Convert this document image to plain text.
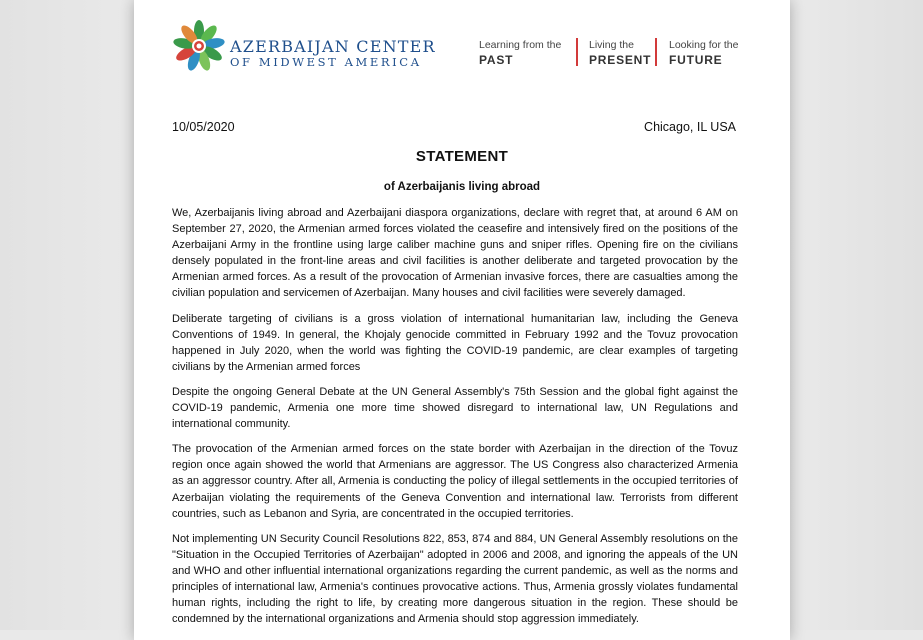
AZERBAIJAN CENTER
OF MIDWEST AMERICA
Learning from the
PAST
Living the
PRESENT
Looking for the
FUTURE
10/05/2020	Chicago, IL USA
STATEMENT
of Azerbaijanis living abroad

We, Azerbaijanis living abroad and Azerbaijani diaspora organizations, declare with regret that, at around 6 AM on September 27, 2020, the Armenian armed forces violated the ceasefire and intensively fired on the positions of the Azerbaijani Army in the frontline using large caliber machine guns and sniper rifles. Opening fire on the civilians densely populated in the front-line areas and civil facilities is another deliberate and targeted provocation by the Armenian armed forces. As a result of the provocation of Armenian invasive forces, there are casualties among the civilian population and servicemen of Azerbaijan. Many houses and civil facilities were severely damaged.

Deliberate targeting of civilians is a gross violation of international humanitarian law, including the Geneva Conventions of 1949. In general, the Khojaly genocide committed in February 1992 and the Tovuz provocation happened in July 2020, when the world was fighting the COVID-19 pandemic, are clear examples of targeting civilians by the Armenian armed forces

Despite the ongoing General Debate at the UN General Assembly's 75th Session and the global fight against the COVID-19 pandemic, Armenia one more time showed disregard to international law, UN Regulations and international community.

The provocation of the Armenian armed forces on the state border with Azerbaijan in the direction of the Tovuz region once again showed the world that Armenians are aggressor. The US Congress also characterized Armenia as an aggressor country. After all, Armenia is conducting the policy of illegal settlements in the occupied territories of Azerbaijan violating the requirements of the Geneva Convention and international law. Terrorists from different countries, such as Lebanon and Syria, are concentrated in the occupied territories.

Not implementing UN Security Council Resolutions 822, 853, 874 and 884, UN General Assembly resolutions on the "Situation in the Occupied Territories of Azerbaijan" adopted in 2006 and 2008, and ignoring the appeals of the UN and WHO and other influential international organizations regarding the current pandemic, as well as the norms and principles of international law, Armenia's continues provocative actions. Thus, Armenia grossly violates fundamental human rights, including the right to life, by creating more dangerous situation in the region. These should be condemned by the international organizations and Armenia should stop aggression immediately.
